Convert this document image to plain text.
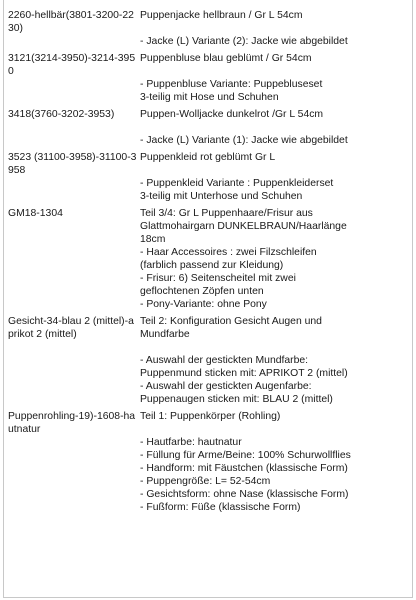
2260-hellbär(3801-3200-2230)
Puppenjacke hellbraun / Gr L 54cm
- Jacke (L) Variante (2): Jacke wie abgebildet
3121(3214-3950)-3214-3950
Puppenbluse blau geblümt / Gr 54cm
- Puppenbluse Variante: Puppebluseset
3-teilig mit Hose und Schuhen
3418(3760-3202-3953)	Puppen-Wolljacke dunkelrot /Gr L 54cm
- Jacke (L) Variante (1): Jacke wie abgebildet
3523 (31100-3958)-31100-3958
Puppenkleid rot geblümt Gr L
- Puppenkleid Variante : Puppenkleiderset
3-teilig mit Unterhose und Schuhen
GM18-1304	Teil 3/4: Gr L Puppenhaare/Frisur aus
Glattmohairgarn DUNKELBRAUN/Haarlänge
18cm
- Haar Accessoires : zwei Filzschleifen
(farblich passend zur Kleidung)
- Frisur: 6) Seitenscheitel mit zwei
geflochtenen Zöpfen unten
- Pony-Variante: ohne Pony
Gesicht-34-blau 2 (mittel)-aprikot 2 (mittel)
Teil 2: Konfiguration Gesicht Augen und
Mundfarbe
- Auswahl der gestickten Mundfarbe:
Puppenmund sticken mit: APRIKOT 2 (mittel)
- Auswahl der gestickten Augenfarbe:
Puppenaugen sticken mit: BLAU 2 (mittel)
Puppenrohling-19)-1608-hautnatur
Teil 1: Puppenkörper (Rohling)
- Hautfarbe: hautnatur
- Füllung für Arme/Beine: 100% Schurwollflies
- Handform: mit Fäustchen (klassische Form)
- Puppengröße: L= 52-54cm
- Gesichtsform: ohne Nase (klassische Form)
- Fußform: Füße (klassische Form)
